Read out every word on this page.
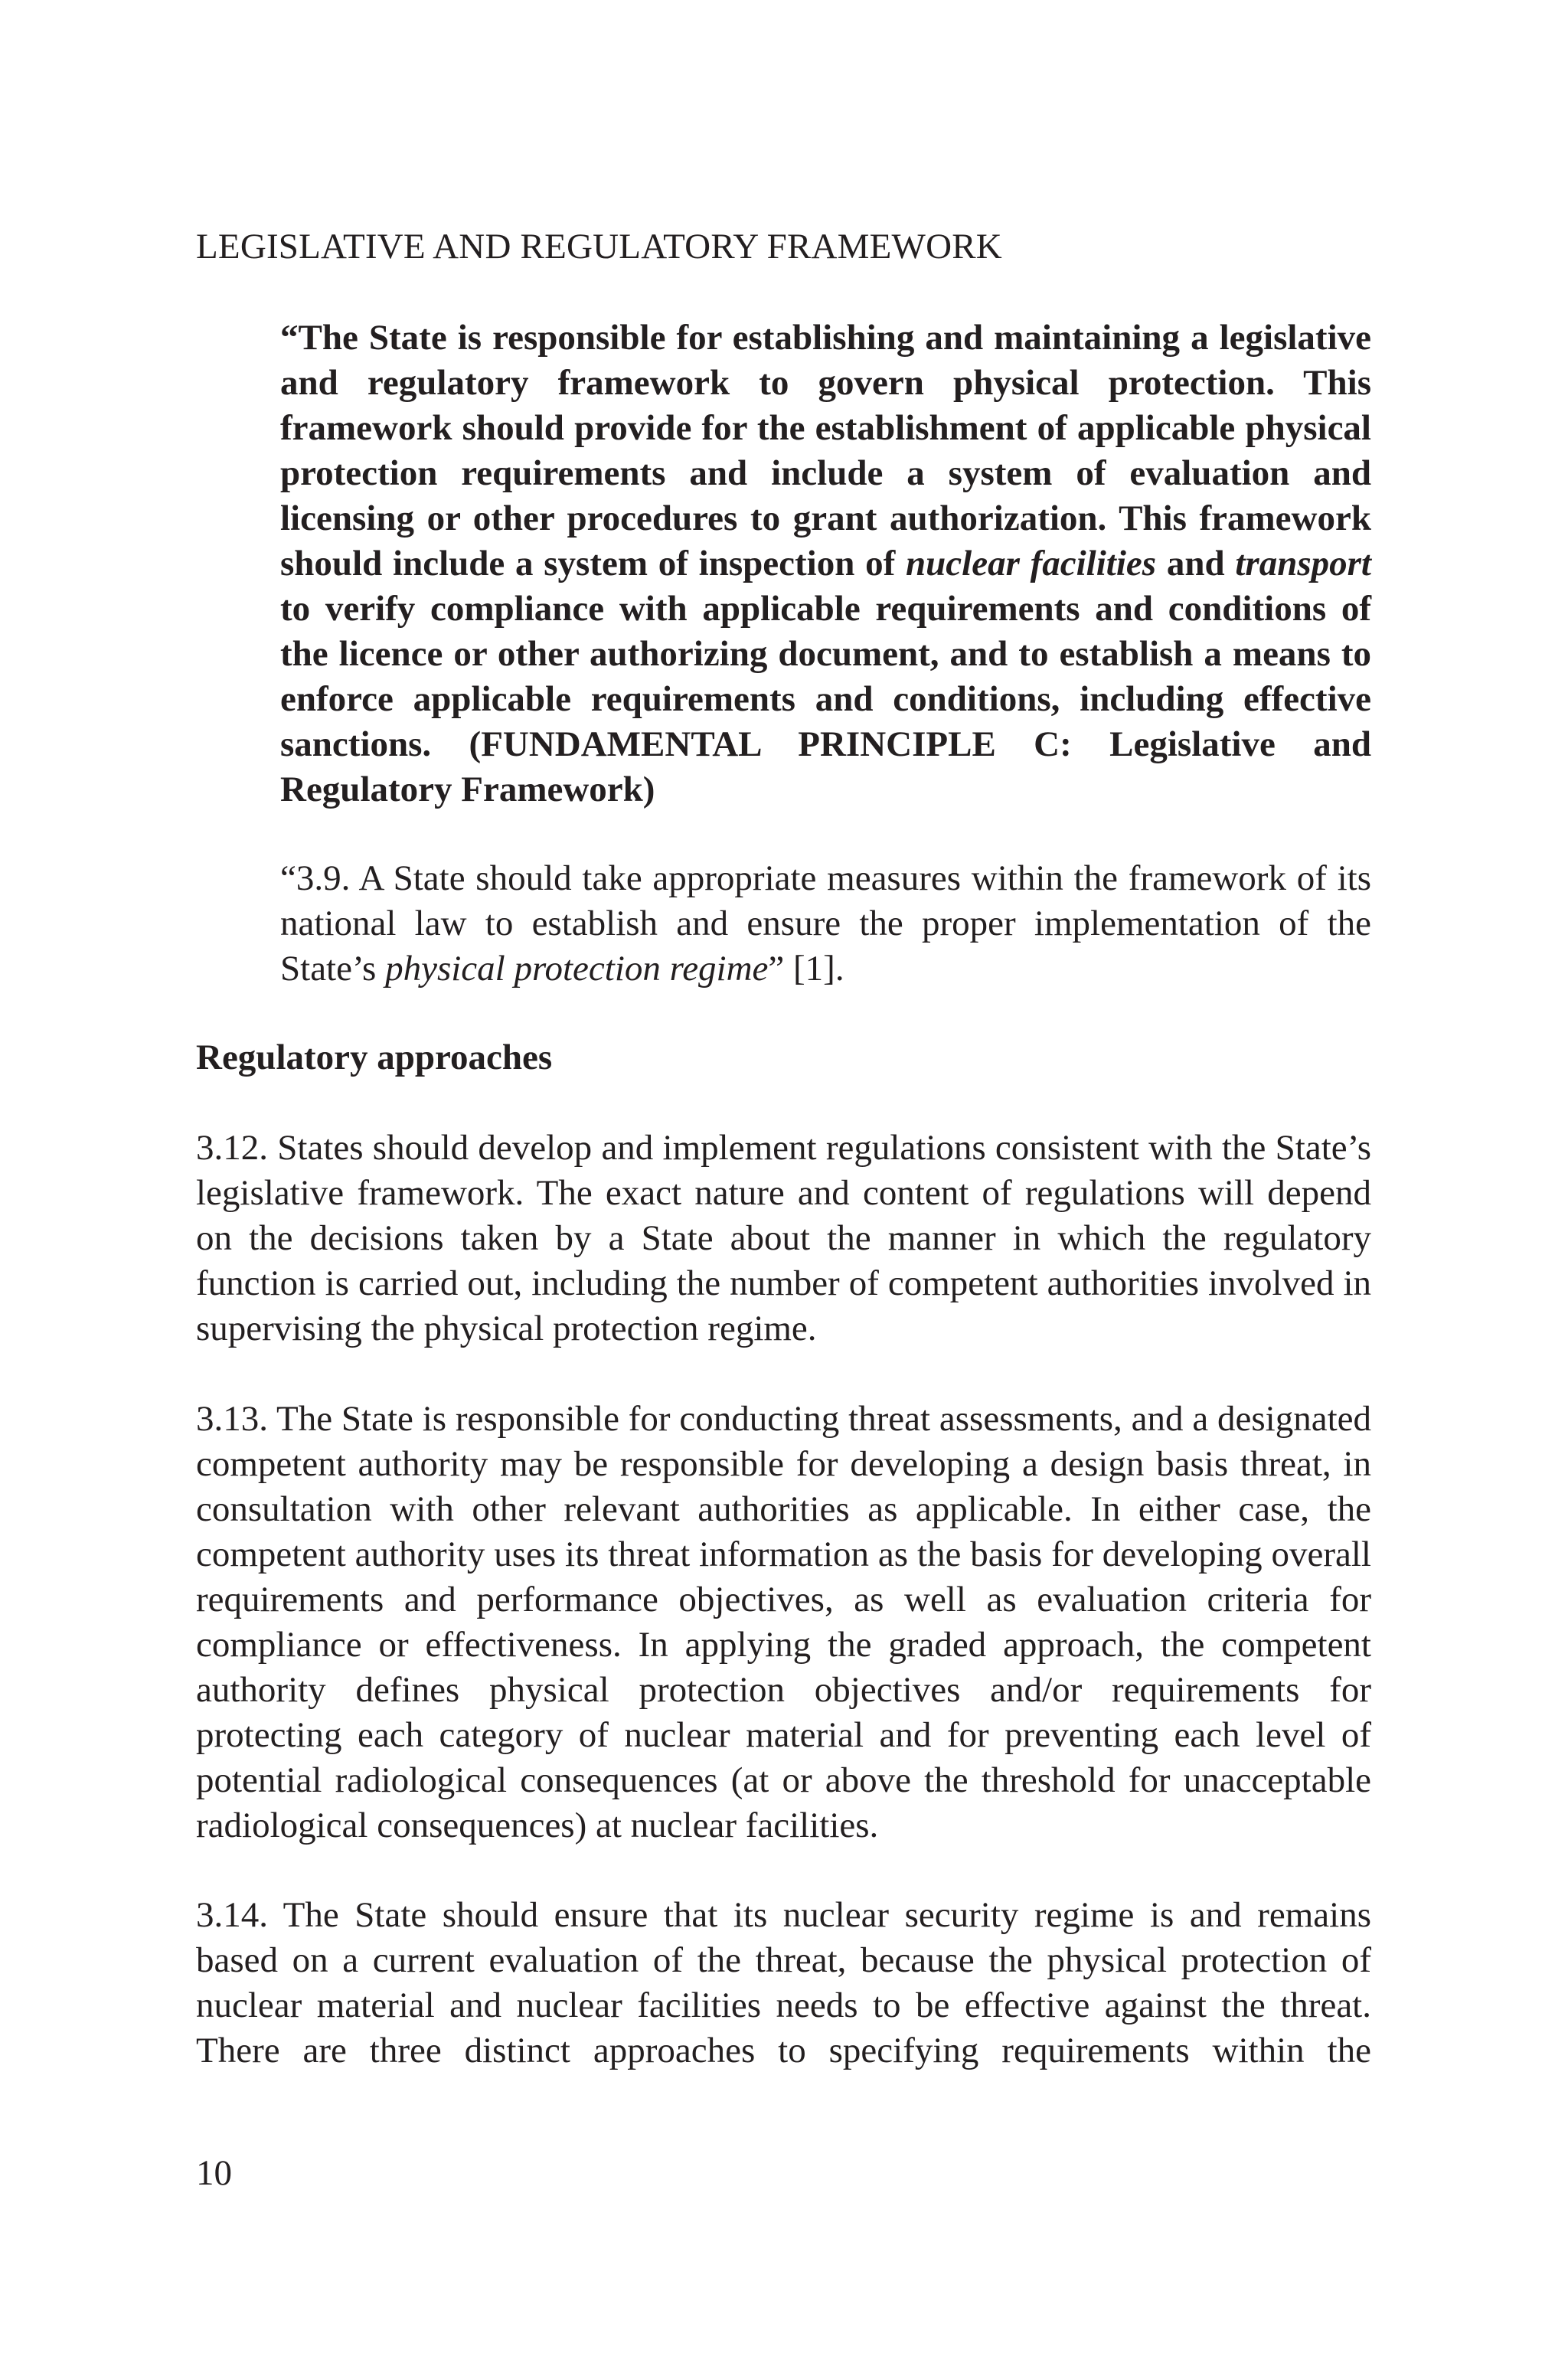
LEGISLATIVE AND REGULATORY FRAMEWORK

“The State is responsible for establishing and maintaining a legislative and regulatory framework to govern physical protection. This framework should provide for the establishment of applicable physical protection requirements and include a system of evaluation and licensing or other procedures to grant authorization. This framework should include a system of inspection of nuclear facilities and transport to verify compliance with applicable requirements and conditions of the licence or other authorizing document, and to establish a means to enforce applicable requirements and conditions, including effective sanctions. (FUNDAMENTAL PRINCIPLE C: Legislative and Regulatory Framework)

“3.9. A State should take appropriate measures within the framework of its national law to establish and ensure the proper implementation of the State’s physical protection regime” [1].

Regulatory approaches

3.12. States should develop and implement regulations consistent with the State’s legislative framework. The exact nature and content of regulations will depend on the decisions taken by a State about the manner in which the regulatory function is carried out, including the number of competent authorities involved in supervising the physical protection regime.

3.13. The State is responsible for conducting threat assessments, and a designated competent authority may be responsible for developing a design basis threat, in consultation with other relevant authorities as applicable. In either case, the competent authority uses its threat information as the basis for developing overall requirements and performance objectives, as well as evaluation criteria for compliance or effectiveness. In applying the graded approach, the competent authority defines physical protection objectives and/or requirements for protecting each category of nuclear material and for preventing each level of potential radiological consequences (at or above the threshold for unacceptable radiological consequences) at nuclear facilities.

3.14. The State should ensure that its nuclear security regime is and remains based on a current evaluation of the threat, because the physical protection of nuclear material and nuclear facilities needs to be effective against the threat. There are three distinct approaches to specifying requirements within the

10
